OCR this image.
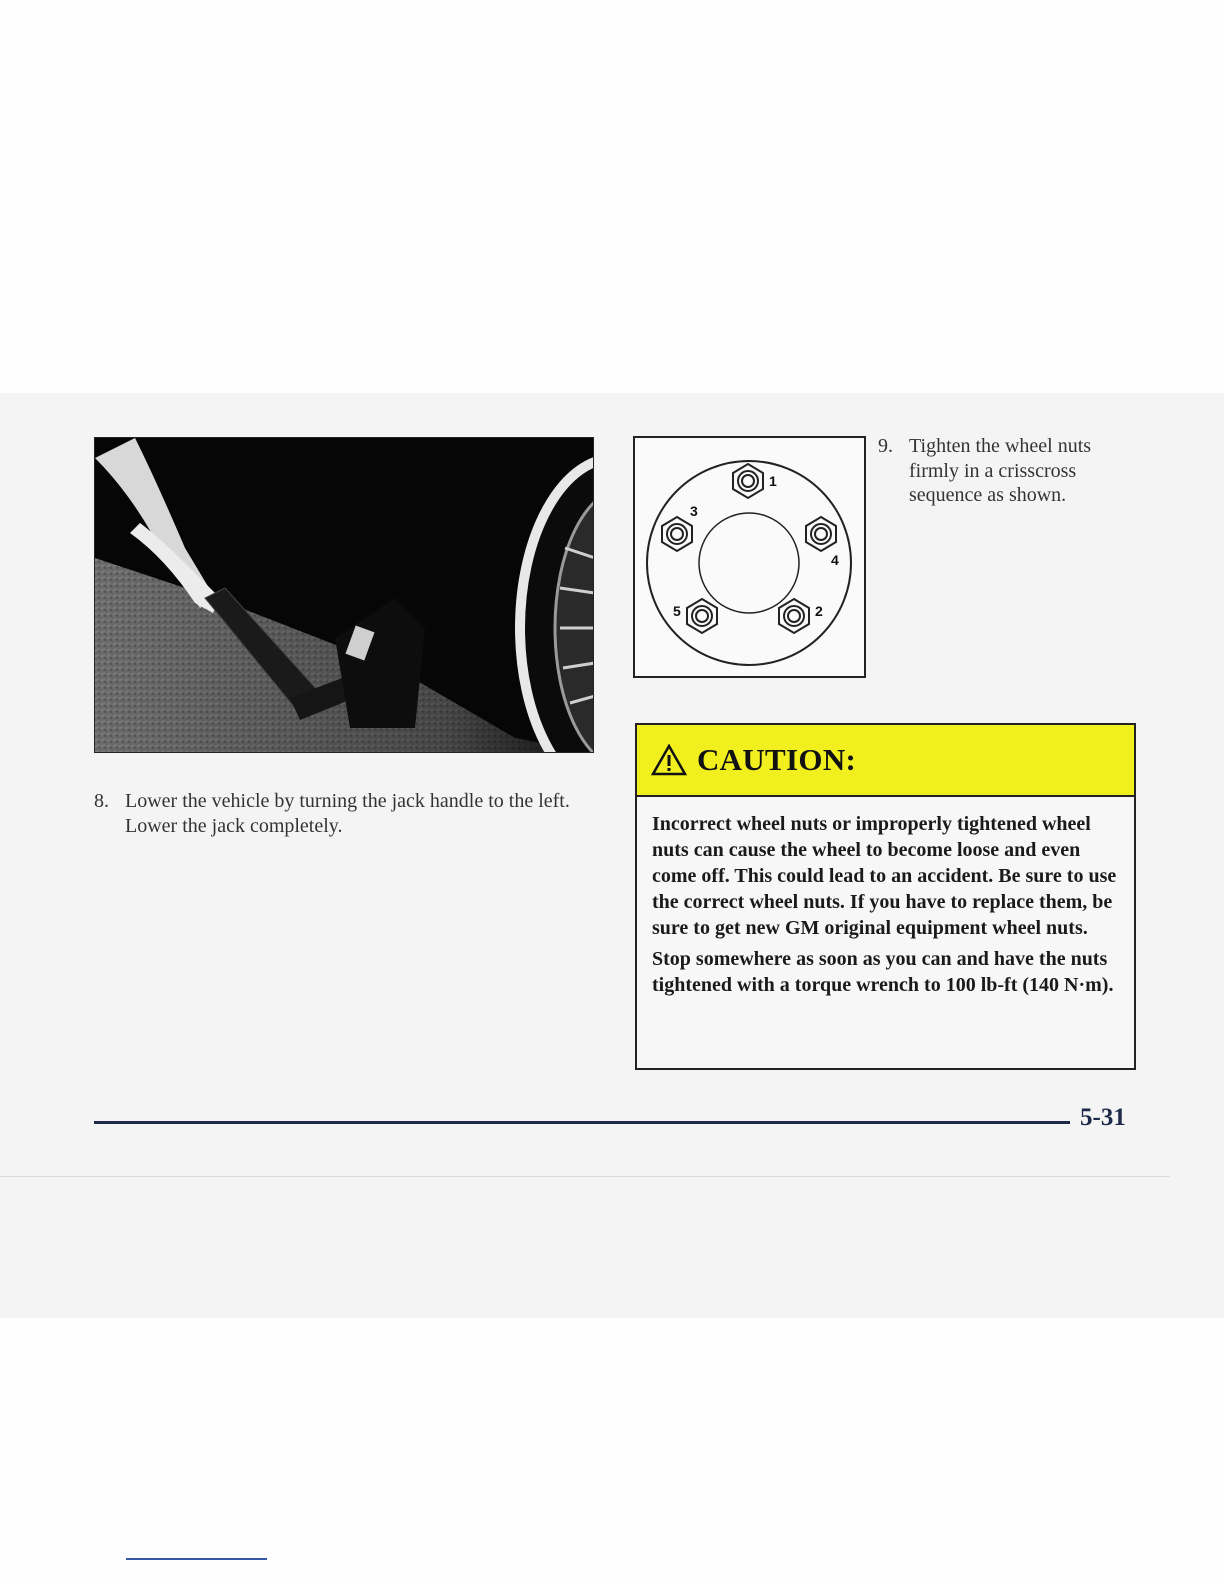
8. Lower the vehicle by turning the jack handle to the left. Lower the jack completely.
1
2
3
4
5
9. Tighten the wheel nuts firmly in a crisscross sequence as shown.
CAUTION:

Incorrect wheel nuts or improperly tightened wheel nuts can cause the wheel to become loose and even come off. This could lead to an accident. Be sure to use the correct wheel nuts. If you have to replace them, be sure to get new GM original equipment wheel nuts.

Stop somewhere as soon as you can and have the nuts tightened with a torque wrench to 100 lb-ft (140 N·m).

5-31
